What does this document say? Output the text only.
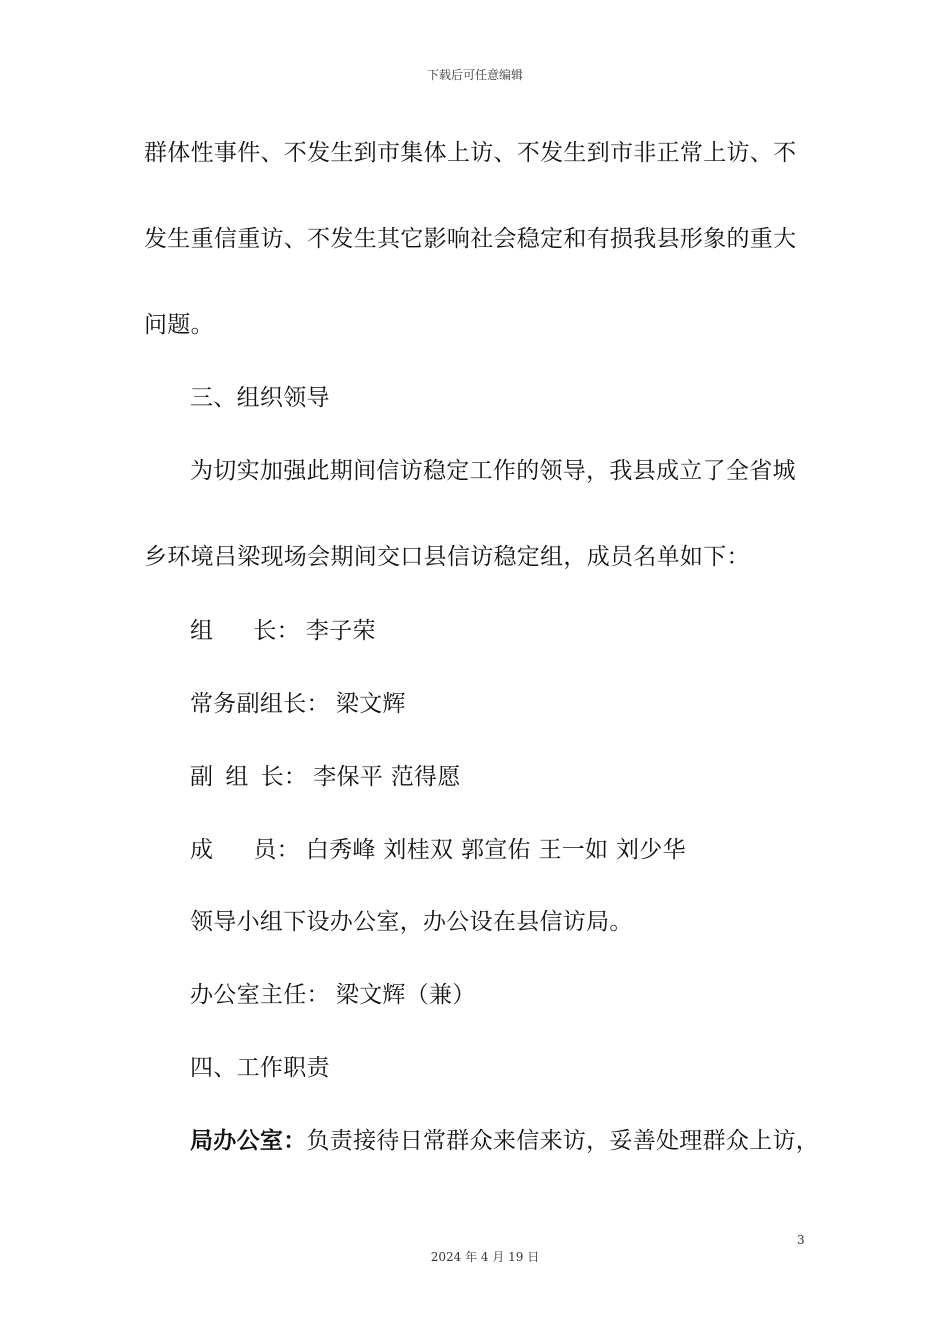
下载后可任意编辑
群体性事件、不发生到市集体上访、不发生到市非正常上访、不
发生重信重访、不发生其它影响社会稳定和有损我县形象的重大
问题。
三、组织领导
为切实加强此期间信访稳定工作的领导，我县成立了全省城
乡环境吕梁现场会期间交口县信访稳定组，成员名单如下：
组 长： 李子荣
常务副组长： 梁文辉
副 组 长： 李保平 范得愿
成 员： 白秀峰 刘桂双 郭宣佑 王一如 刘少华
领导小组下设办公室，办公设在县信访局。
办公室主任： 梁文辉（兼）
四、工作职责
局办公室：负责接待日常群众来信来访，妥善处理群众上访，
3
2024 年 4 月 19 日
